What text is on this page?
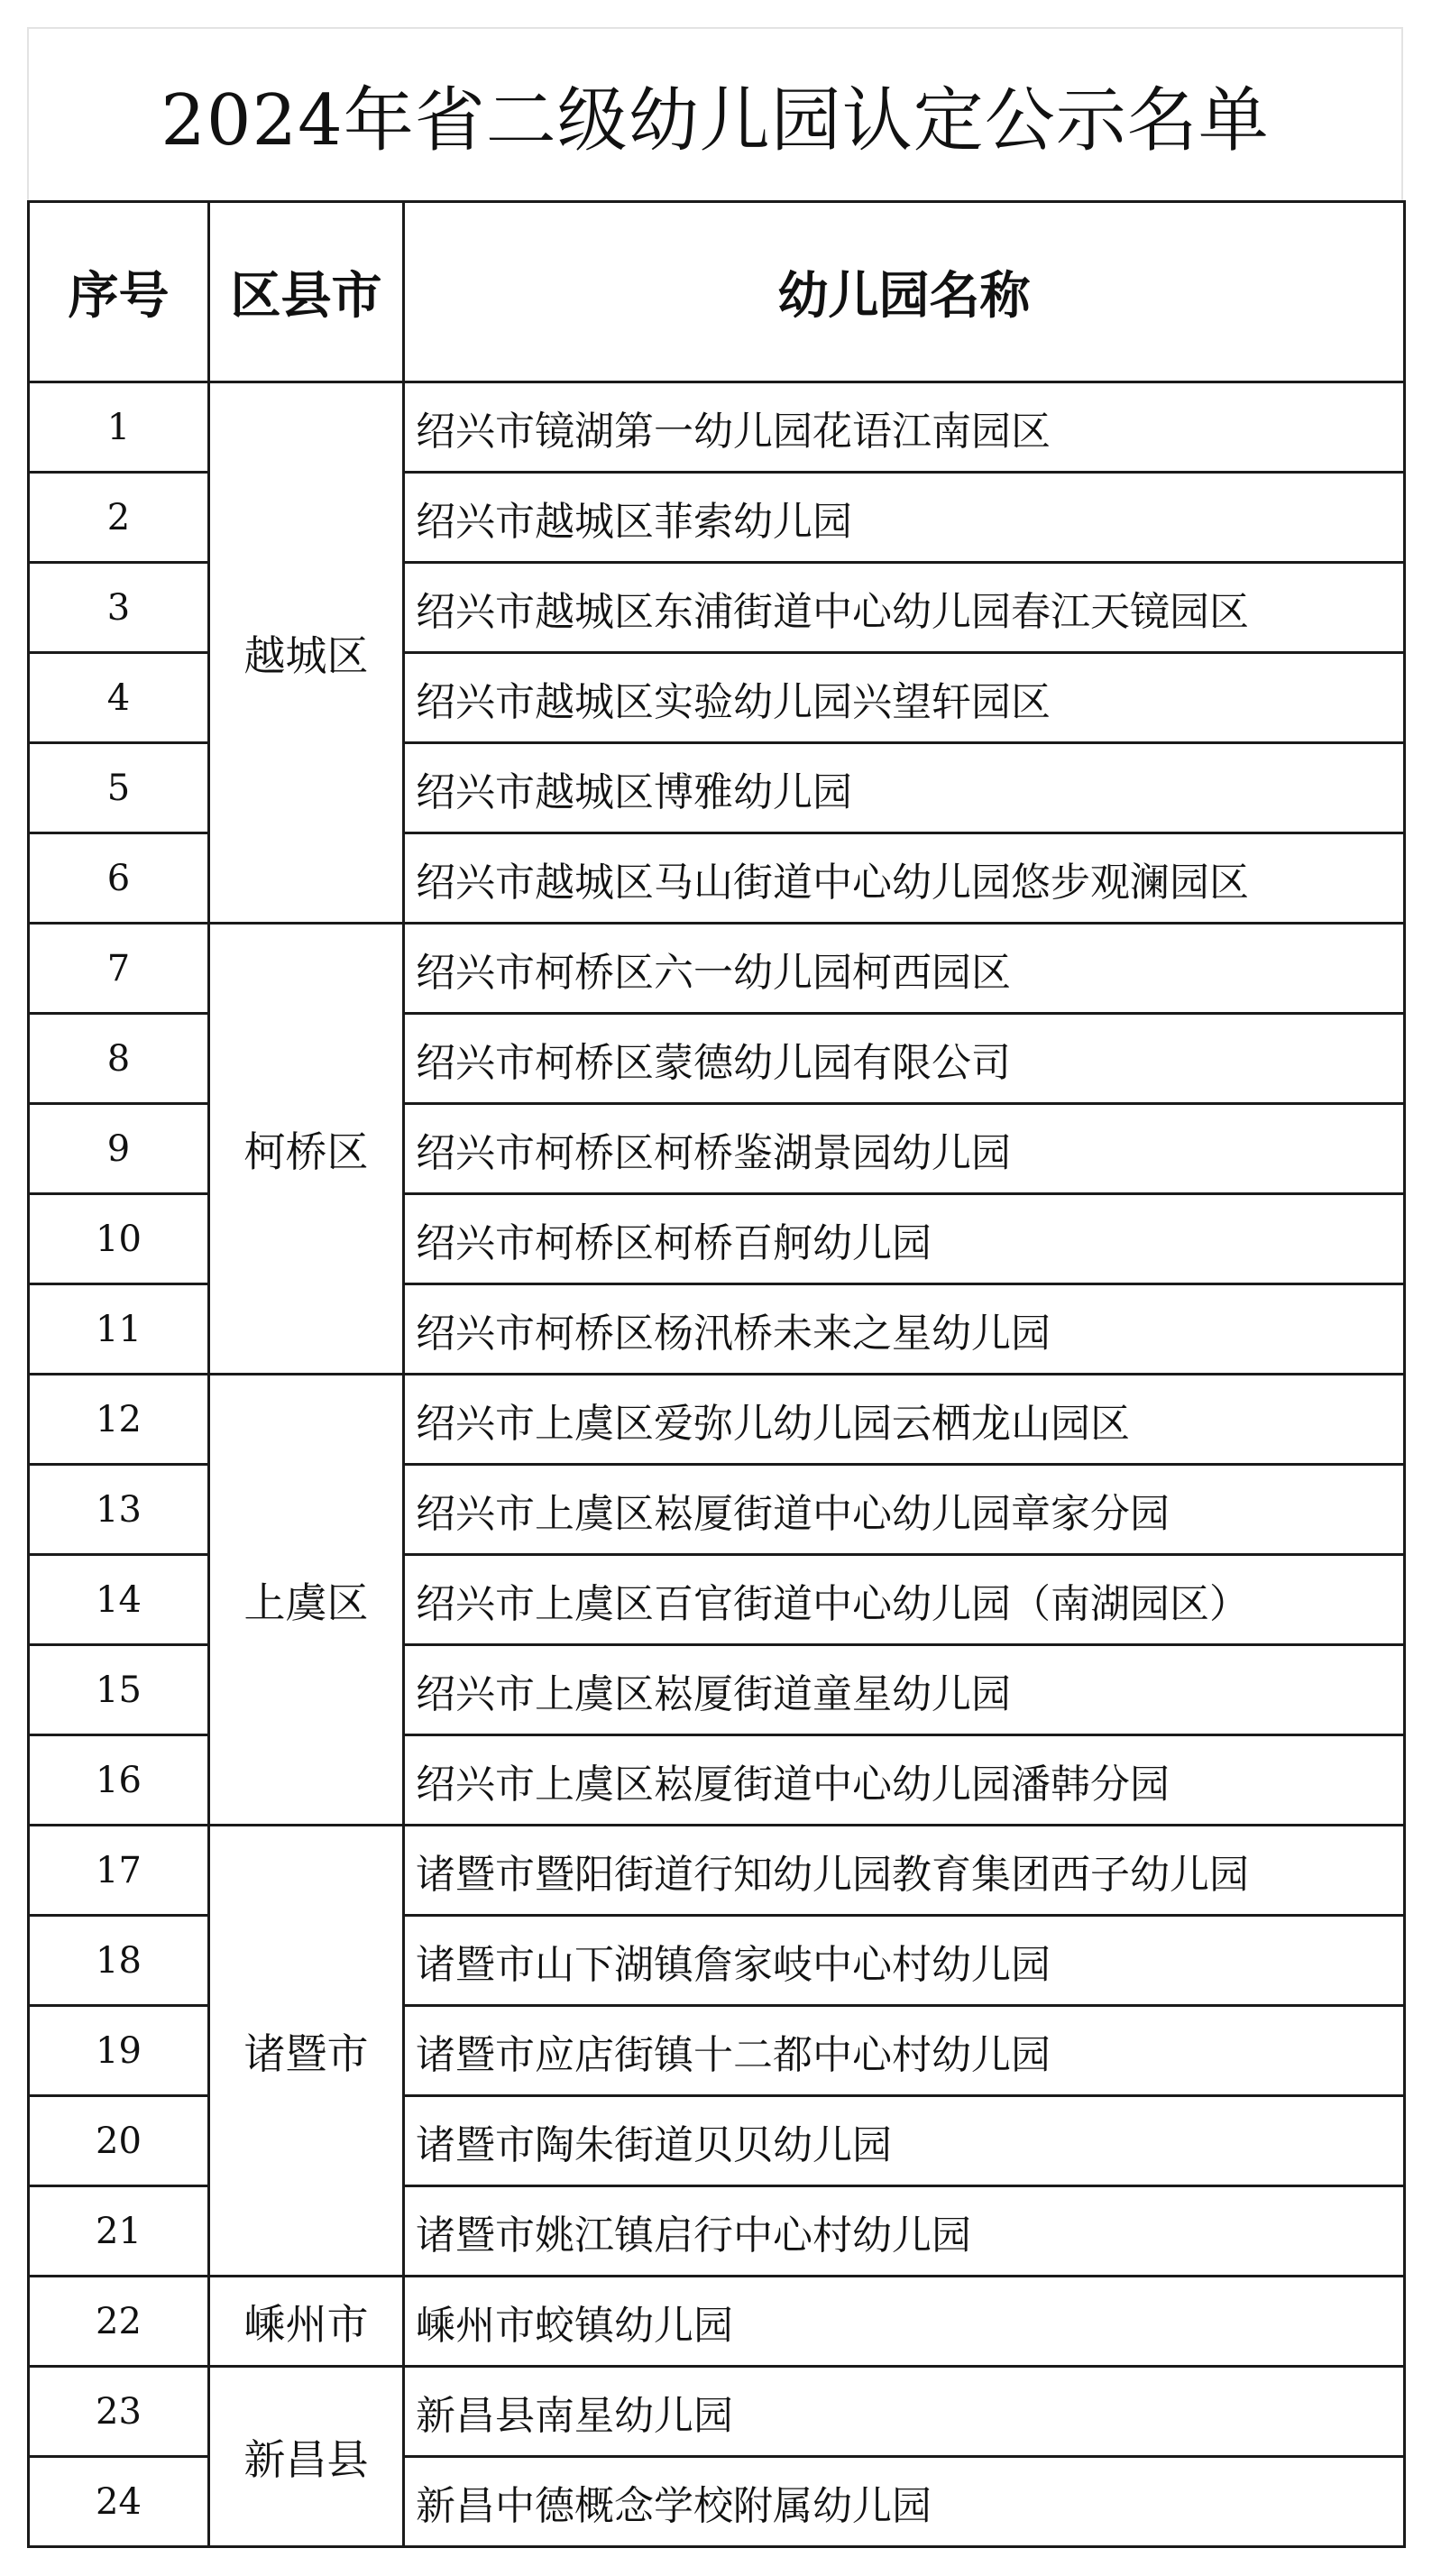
2024年省二级幼儿园认定公示名单
序号	区县市	幼儿园名称
1	越城区	绍兴市镜湖第一幼儿园花语江南园区
2		绍兴市越城区菲索幼儿园
3		绍兴市越城区东浦街道中心幼儿园春江天镜园区
4		绍兴市越城区实验幼儿园兴望轩园区
5		绍兴市越城区博雅幼儿园
6		绍兴市越城区马山街道中心幼儿园悠步观澜园区
7	柯桥区	绍兴市柯桥区六一幼儿园柯西园区
8		绍兴市柯桥区蒙德幼儿园有限公司
9		绍兴市柯桥区柯桥鉴湖景园幼儿园
10		绍兴市柯桥区柯桥百舸幼儿园
11		绍兴市柯桥区杨汛桥未来之星幼儿园
12	上虞区	绍兴市上虞区爱弥儿幼儿园云栖龙山园区
13		绍兴市上虞区崧厦街道中心幼儿园章家分园
14		绍兴市上虞区百官街道中心幼儿园（南湖园区）
15		绍兴市上虞区崧厦街道童星幼儿园
16		绍兴市上虞区崧厦街道中心幼儿园潘韩分园
17	诸暨市	诸暨市暨阳街道行知幼儿园教育集团西子幼儿园
18		诸暨市山下湖镇詹家岐中心村幼儿园
19		诸暨市应店街镇十二都中心村幼儿园
20		诸暨市陶朱街道贝贝幼儿园
21		诸暨市姚江镇启行中心村幼儿园
22	嵊州市	嵊州市蛟镇幼儿园
23	新昌县	新昌县南星幼儿园
24		新昌中德概念学校附属幼儿园
